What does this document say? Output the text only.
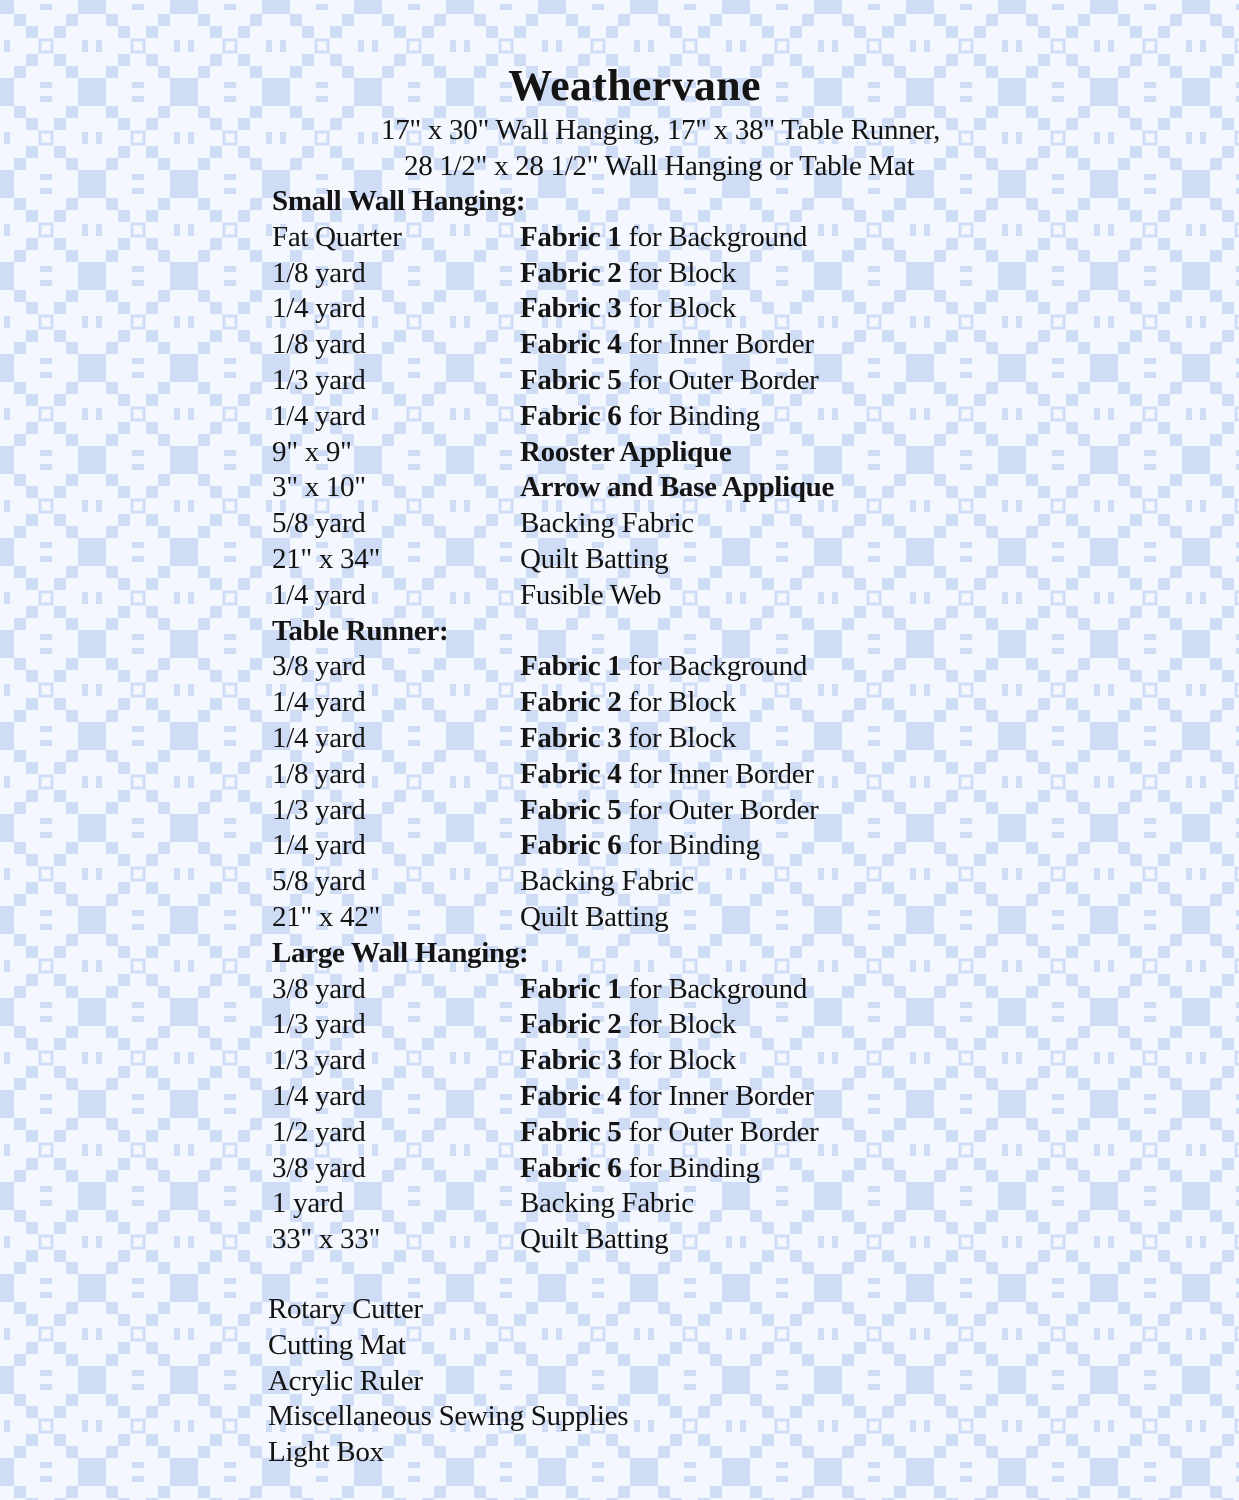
Weathervane
17" x 30" Wall Hanging, 17" x 38" Table Runner,
28 1/2" x 28 1/2" Wall Hanging or Table Mat
Small Wall Hanging:
Fat Quarter	Fabric 1 for Background
1/8 yard	Fabric 2 for Block
1/4 yard	Fabric 3 for Block
1/8 yard	Fabric 4 for Inner Border
1/3 yard	Fabric 5 for Outer Border
1/4 yard	Fabric 6 for Binding
9" x 9"	Rooster Applique
3" x 10"	Arrow and Base Applique
5/8 yard	Backing Fabric
21" x 34"	Quilt Batting
1/4 yard	Fusible Web
Table Runner:
3/8 yard	Fabric 1 for Background
1/4 yard	Fabric 2 for Block
1/4 yard	Fabric 3 for Block
1/8 yard	Fabric 4 for Inner Border
1/3 yard	Fabric 5 for Outer Border
1/4 yard	Fabric 6 for Binding
5/8 yard	Backing Fabric
21" x 42"	Quilt Batting
Large Wall Hanging:
3/8 yard	Fabric 1 for Background
1/3 yard	Fabric 2 for Block
1/3 yard	Fabric 3 for Block
1/4 yard	Fabric 4 for Inner Border
1/2 yard	Fabric 5 for Outer Border
3/8 yard	Fabric 6 for Binding
1 yard	Backing Fabric
33" x 33"	Quilt Batting
Rotary Cutter
Cutting Mat
Acrylic Ruler
Miscellaneous Sewing Supplies
Light Box
